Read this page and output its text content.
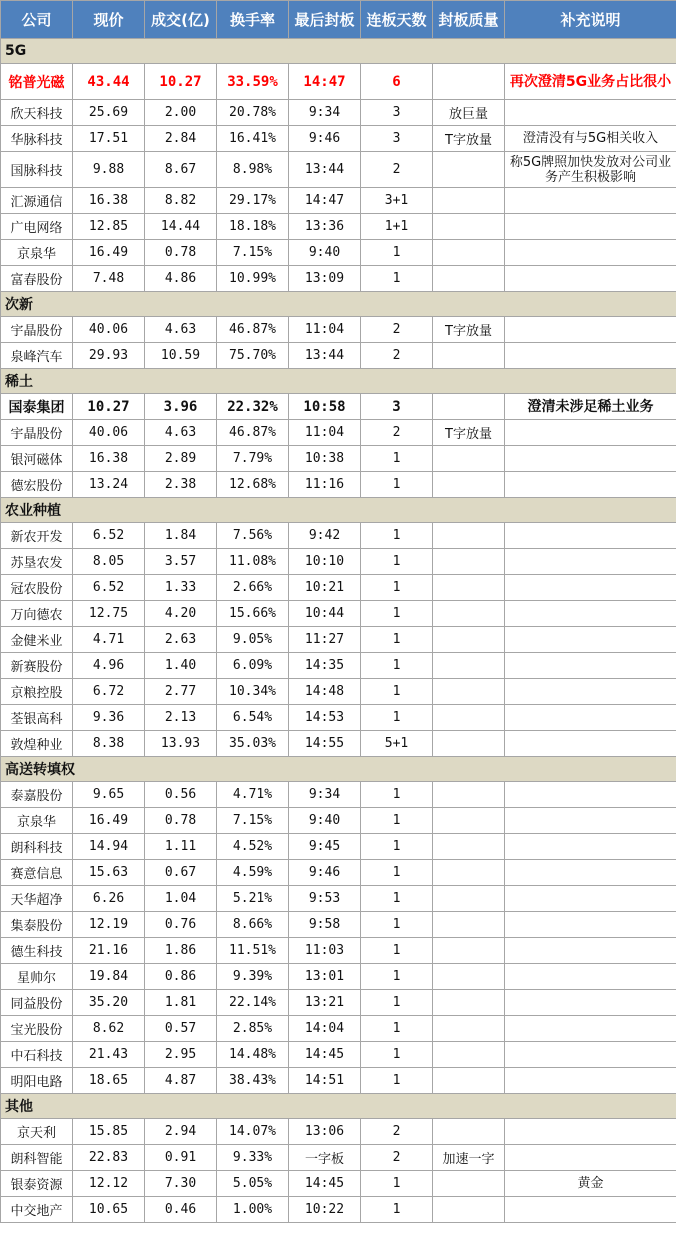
公司	现价	成交(亿)	换手率	最后封板	连板天数	封板质量	补充说明
5G							
铭普光磁	43.44	10.27	33.59%	14:47	6		再次澄清5G业务占比很小
欣天科技	25.69	2.00	20.78%	9:34	3	放巨量	
华脉科技	17.51	2.84	16.41%	9:46	3	T字放量	澄清没有与5G相关收入
国脉科技	9.88	8.67	8.98%	13:44	2		称5G牌照加快发放对公司业务产生积极影响
汇源通信	16.38	8.82	29.17%	14:47	3+1		
广电网络	12.85	14.44	18.18%	13:36	1+1		
京泉华	16.49	0.78	7.15%	9:40	1		
富春股份	7.48	4.86	10.99%	13:09	1		
次新							
宇晶股份	40.06	4.63	46.87%	11:04	2	T字放量	
泉峰汽车	29.93	10.59	75.70%	13:44	2		
稀土							
国泰集团	10.27	3.96	22.32%	10:58	3		澄清未涉足稀土业务
宇晶股份	40.06	4.63	46.87%	11:04	2	T字放量	
银河磁体	16.38	2.89	7.79%	10:38	1		
德宏股份	13.24	2.38	12.68%	11:16	1		
农业种植							
新农开发	6.52	1.84	7.56%	9:42	1		
苏垦农发	8.05	3.57	11.08%	10:10	1		
冠农股份	6.52	1.33	2.66%	10:21	1		
万向德农	12.75	4.20	15.66%	10:44	1		
金健米业	4.71	2.63	9.05%	11:27	1		
新赛股份	4.96	1.40	6.09%	14:35	1		
京粮控股	6.72	2.77	10.34%	14:48	1		
荃银高科	9.36	2.13	6.54%	14:53	1		
敦煌种业	8.38	13.93	35.03%	14:55	5+1		
高送转填权							
泰嘉股份	9.65	0.56	4.71%	9:34	1		
京泉华	16.49	0.78	7.15%	9:40	1		
朗科科技	14.94	1.11	4.52%	9:45	1		
赛意信息	15.63	0.67	4.59%	9:46	1		
天华超净	6.26	1.04	5.21%	9:53	1		
集泰股份	12.19	0.76	8.66%	9:58	1		
德生科技	21.16	1.86	11.51%	11:03	1		
星帅尔	19.84	0.86	9.39%	13:01	1		
同益股份	35.20	1.81	22.14%	13:21	1		
宝光股份	8.62	0.57	2.85%	14:04	1		
中石科技	21.43	2.95	14.48%	14:45	1		
明阳电路	18.65	4.87	38.43%	14:51	1		
其他							
京天利	15.85	2.94	14.07%	13:06	2		
朗科智能	22.83	0.91	9.33%	一字板	2	加速一字	
银泰资源	12.12	7.30	5.05%	14:45	1		黄金
中交地产	10.65	0.46	1.00%	10:22	1		
